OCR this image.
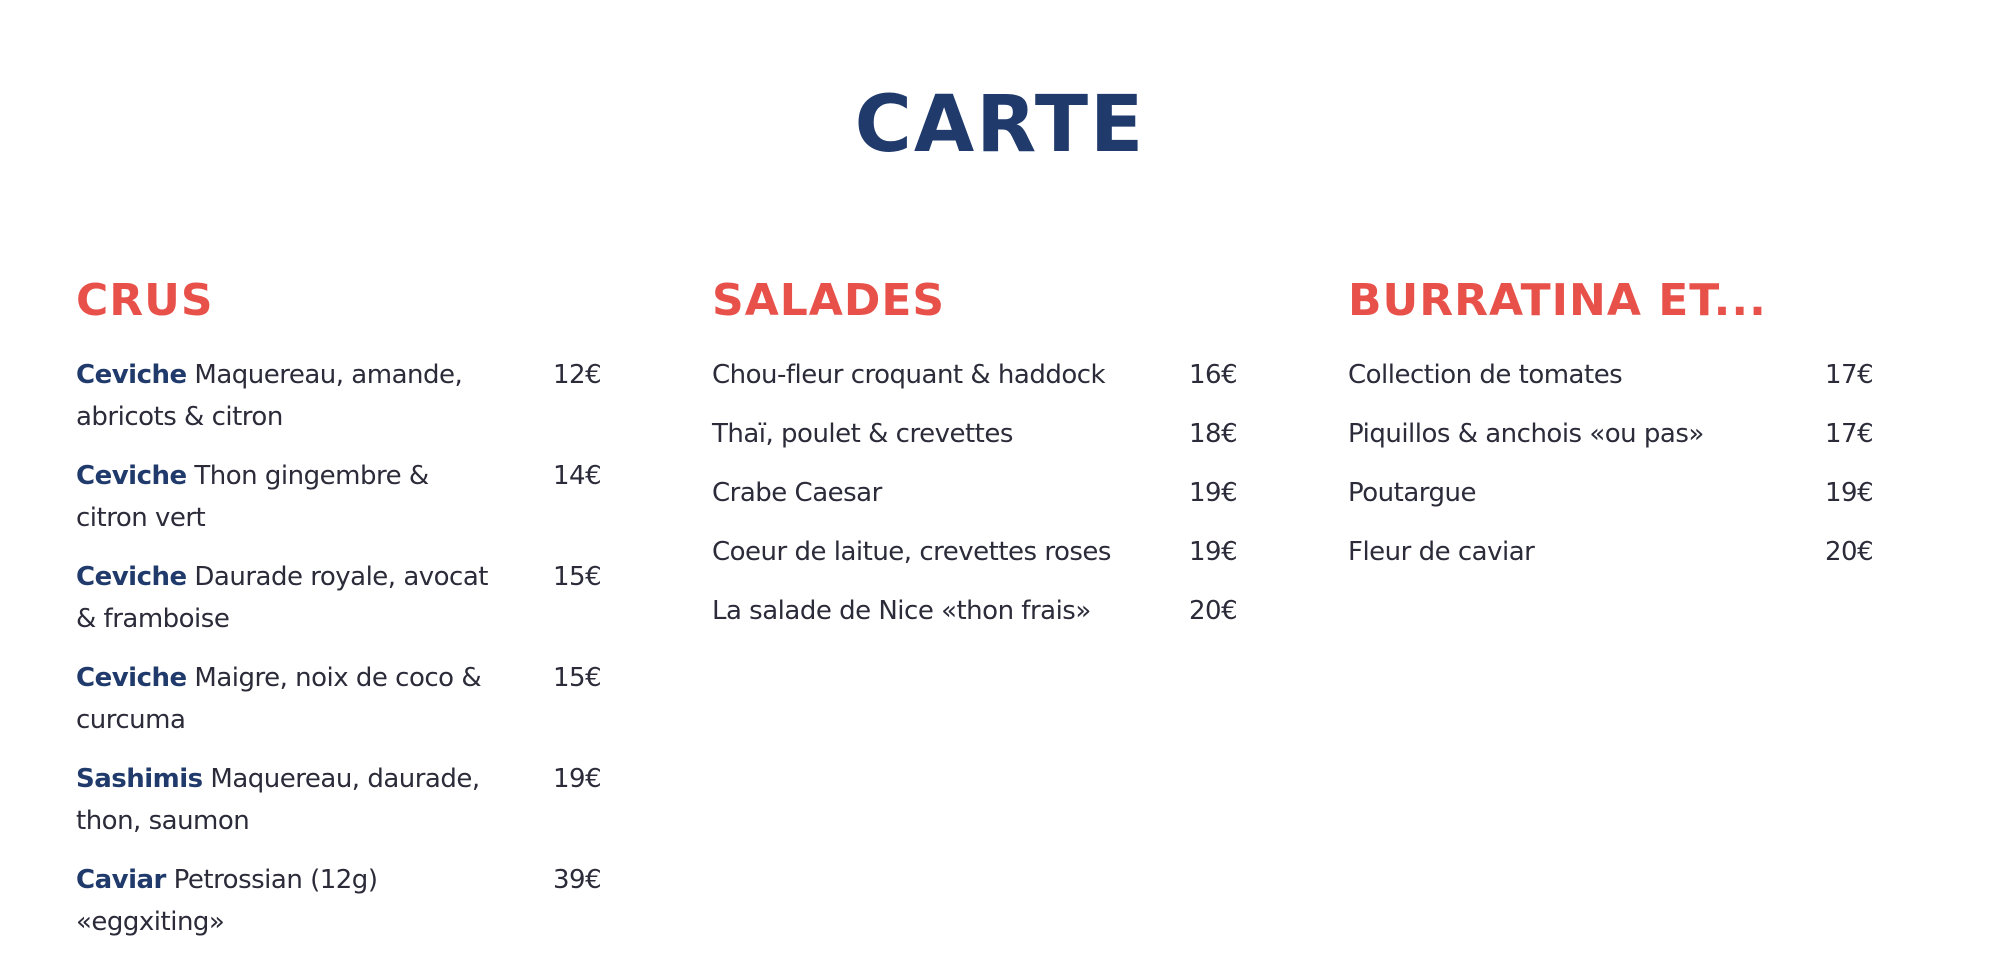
CARTE
CRUS
Ceviche Maquereau, amande, abricots & citron
12€
Ceviche Thon gingembre & citron vert
14€
Ceviche Daurade royale, avocat & framboise
15€
Ceviche Maigre, noix de coco & curcuma
15€
Sashimis Maquereau, daurade, thon, saumon
19€
Caviar Petrossian (12g) «eggxiting»
39€
SALADES
Chou-fleur croquant & haddock	16€
Thaï, poulet & crevettes	18€
Crabe Caesar	19€
Coeur de laitue, crevettes roses	19€
La salade de Nice «thon frais»	20€
BURRATINA ET...
Collection de tomates	17€
Piquillos & anchois «ou pas»	17€
Poutargue	19€
Fleur de caviar	20€
